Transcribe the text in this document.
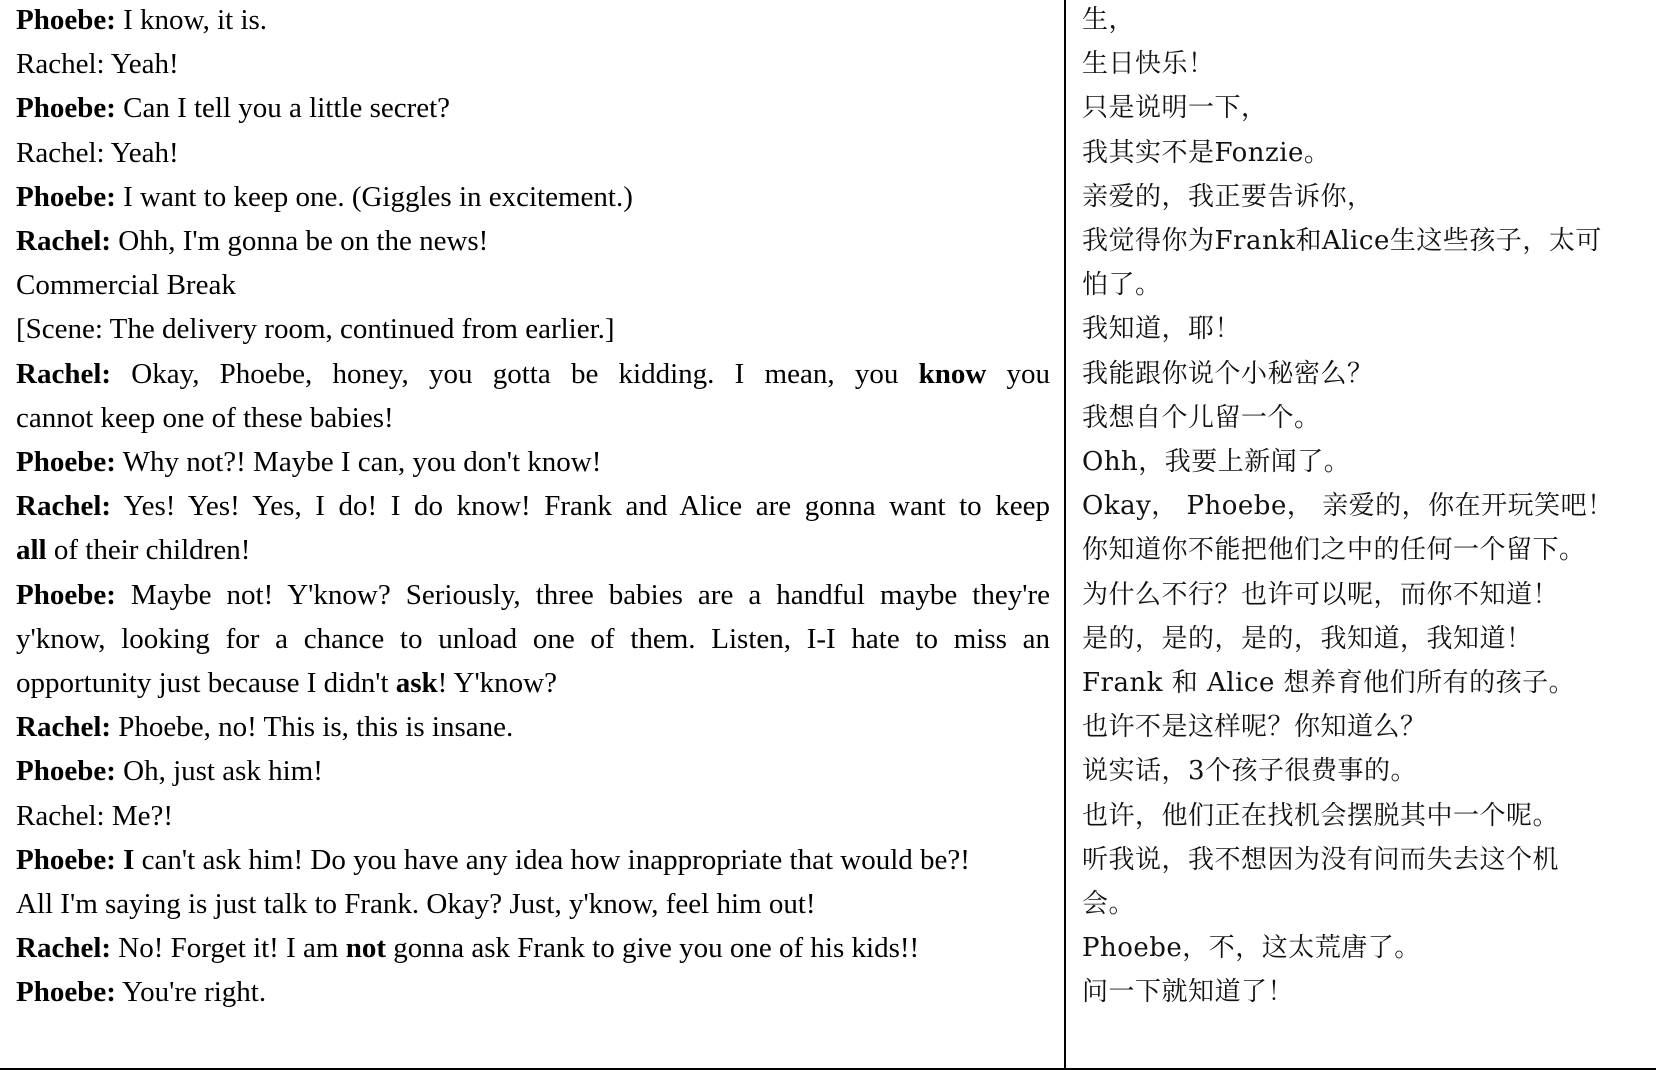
Phoebe: I know, it is.
Rachel: Yeah!
Phoebe: Can I tell you a little secret?
Rachel: Yeah!
Phoebe: I want to keep one. (Giggles in excitement.)
Rachel: Ohh, I'm gonna be on the news!
Commercial Break
[Scene: The delivery room, continued from earlier.]
Rachel: Okay, Phoebe, honey, you gotta be kidding. I mean, you know you
cannot keep one of these babies!
Phoebe: Why not?! Maybe I can, you don't know!
Rachel: Yes! Yes! Yes, I do! I do know! Frank and Alice are gonna want to keep
all of their children!
Phoebe: Maybe not! Y'know? Seriously, three babies are a handful maybe they're
y'know, looking for a chance to unload one of them. Listen, I-I hate to miss an
opportunity just because I didn't ask! Y'know?
Rachel: Phoebe, no! This is, this is insane.
Phoebe: Oh, just ask him!
Rachel: Me?!
Phoebe: I can't ask him! Do you have any idea how inappropriate that would be?!
All I'm saying is just talk to Frank. Okay? Just, y'know, feel him out!
Rachel: No! Forget it! I am not gonna ask Frank to give you one of his kids!!
Phoebe: You're right.
生，
生日快乐！
只是说明一下，
我其实不是Fonzie。
亲爱的，我正要告诉你，
我觉得你为Frank和Alice生这些孩子，太可
怕了。
我知道，耶！
我能跟你说个小秘密么？
我想自个儿留一个。
Ohh，我要上新闻了。
Okay， Phoebe， 亲爱的，你在开玩笑吧！
你知道你不能把他们之中的任何一个留下。
为什么不行？也许可以呢，而你不知道！
是的，是的，是的，我知道，我知道！
Frank 和 Alice 想养育他们所有的孩子。
也许不是这样呢？你知道么？
说实话，3个孩子很费事的。
也许，他们正在找机会摆脱其中一个呢。
听我说，我不想因为没有问而失去这个机
会。
Phoebe，不，这太荒唐了。
问一下就知道了！
